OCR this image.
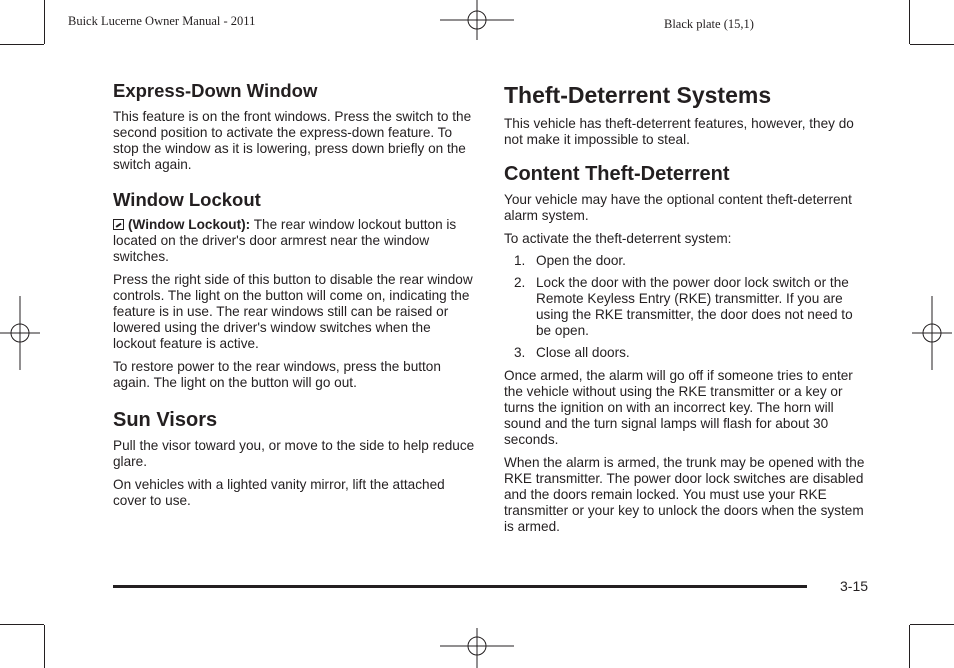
Buick Lucerne Owner Manual - 2011	Black plate (15,1)
Express-Down Window

This feature is on the front windows. Press the switch to the second position to activate the express-down feature. To stop the window as it is lowering, press down briefly on the switch again.

Window Lockout

(Window Lockout): The rear window lockout button is located on the driver's door armrest near the window switches.

Press the right side of this button to disable the rear window controls. The light on the button will come on, indicating the feature is in use. The rear windows still can be raised or lowered using the driver's window switches when the lockout feature is active.

To restore power to the rear windows, press the button again. The light on the button will go out.

Sun Visors

Pull the visor toward you, or move to the side to help reduce glare.

On vehicles with a lighted vanity mirror, lift the attached cover to use.

Theft-Deterrent Systems

This vehicle has theft-deterrent features, however, they do not make it impossible to steal.

Content Theft-Deterrent

Your vehicle may have the optional content theft-deterrent alarm system.

To activate the theft-deterrent system:

1. Open the door.
2. Lock the door with the power door lock switch or the Remote Keyless Entry (RKE) transmitter. If you are using the RKE transmitter, the door does not need to be open.
3. Close all doors.

Once armed, the alarm will go off if someone tries to enter the vehicle without using the RKE transmitter or a key or turns the ignition on with an incorrect key. The horn will sound and the turn signal lamps will flash for about 30 seconds.

When the alarm is armed, the trunk may be opened with the RKE transmitter. The power door lock switches are disabled and the doors remain locked. You must use your RKE transmitter or your key to unlock the doors when the system is armed.

3-15
